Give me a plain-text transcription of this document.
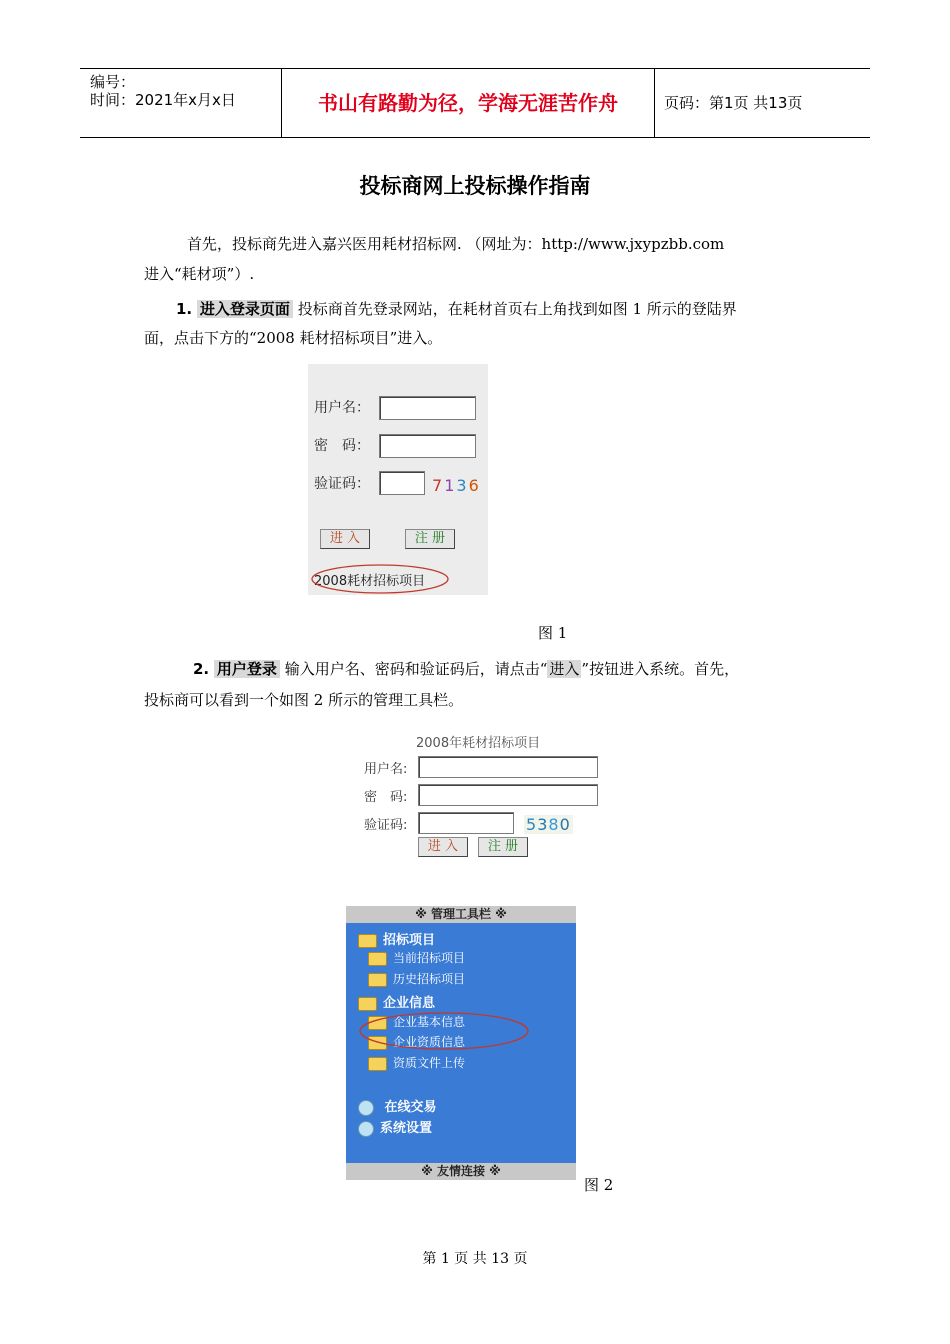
编号：
时间：2021年x月x日	书山有路勤为径，学海无涯苦作舟	页码：第1页 共13页
投标商网上投标操作指南
首先，投标商先进入嘉兴医用耗材招标网. （网址为：http://www.jxypzbb.com
进入“耗材项”）.
1. 进入登录页面 投标商首先登录网站，在耗材首页右上角找到如图 1 所示的登陆界
面，点击下方的“2008 耗材招标项目”进入。
用户名：
密　码：
验证码：	7136
进 入	注 册
2008耗材招标项目
图 1
2. 用户登录 输入用户名、密码和验证码后，请点击“ 进入 ”按钮进入系统。首先，
投标商可以看到一个如图 2 所示的管理工具栏。
2008年耗材招标项目
用户名:
密　码:
验证码:	5380
进 入	注 册
※ 管理工具栏 ※
招标项目
当前招标项目
历史招标项目
企业信息
企业基本信息
企业资质信息
资质文件上传
在线交易
系统设置
※ 友情连接 ※
图 2
第 1 页 共 13 页
